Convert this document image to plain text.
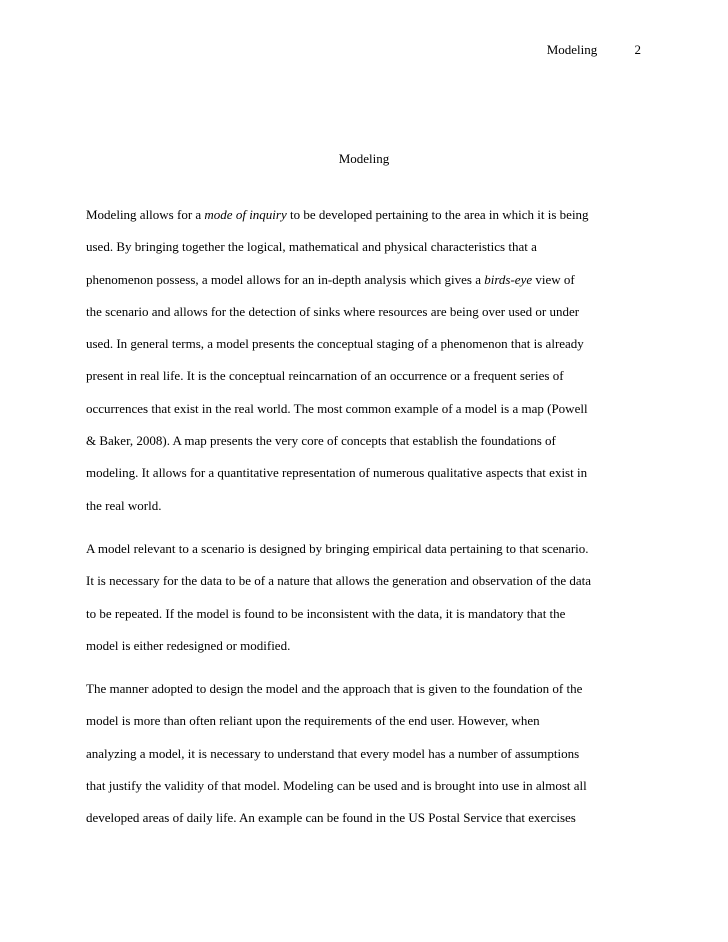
Modeling	2
Modeling
Modeling allows for a mode of inquiry to be developed pertaining to the area in which it is being
used. By bringing together the logical, mathematical and physical characteristics that a
phenomenon possess, a model allows for an in-depth analysis which gives a birds-eye view of
the scenario and allows for the detection of sinks where resources are being over used or under
used. In general terms, a model presents the conceptual staging of a phenomenon that is already
present in real life. It is the conceptual reincarnation of an occurrence or a frequent series of
occurrences that exist in the real world. The most common example of a model is a map (Powell
& Baker, 2008). A map presents the very core of concepts that establish the foundations of
modeling. It allows for a quantitative representation of numerous qualitative aspects that exist in
the real world.
A model relevant to a scenario is designed by bringing empirical data pertaining to that scenario.
It is necessary for the data to be of a nature that allows the generation and observation of the data
to be repeated. If the model is found to be inconsistent with the data, it is mandatory that the
model is either redesigned or modified.
The manner adopted to design the model and the approach that is given to the foundation of the
model is more than often reliant upon the requirements of the end user. However, when
analyzing a model, it is necessary to understand that every model has a number of assumptions
that justify the validity of that model. Modeling can be used and is brought into use in almost all
developed areas of daily life. An example can be found in the US Postal Service that exercises
